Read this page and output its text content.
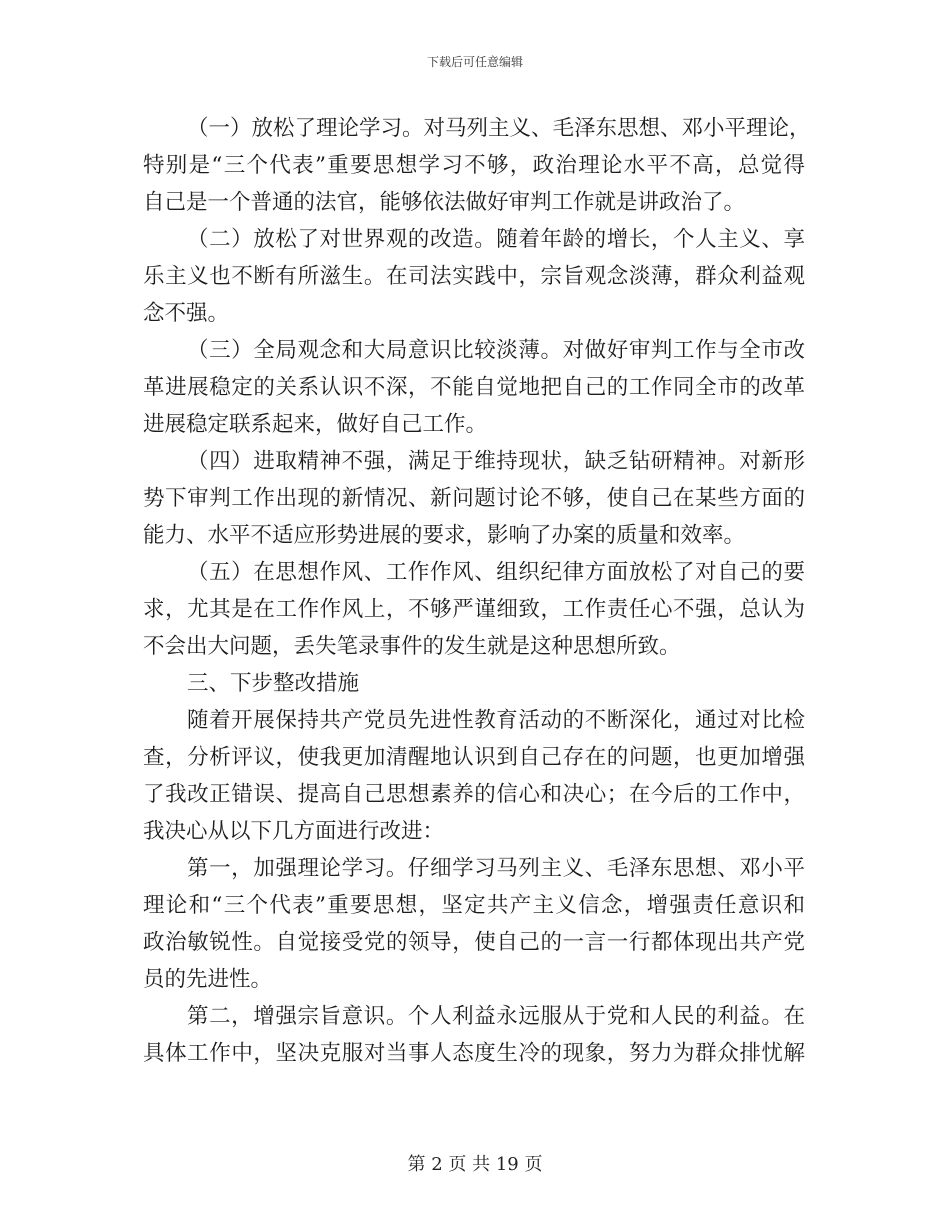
下载后可任意编辑
（一）放松了理论学习。对马列主义、毛泽东思想、邓小平理论，
特别是“三个代表”重要思想学习不够，政治理论水平不高，总觉得
自己是一个普通的法官，能够依法做好审判工作就是讲政治了。
（二）放松了对世界观的改造。随着年龄的增长，个人主义、享
乐主义也不断有所滋生。在司法实践中，宗旨观念淡薄，群众利益观
念不强。
（三）全局观念和大局意识比较淡薄。对做好审判工作与全市改
革进展稳定的关系认识不深，不能自觉地把自己的工作同全市的改革
进展稳定联系起来，做好自己工作。
（四）进取精神不强，满足于维持现状，缺乏钻研精神。对新形
势下审判工作出现的新情况、新问题讨论不够，使自己在某些方面的
能力、水平不适应形势进展的要求，影响了办案的质量和效率。
（五）在思想作风、工作作风、组织纪律方面放松了对自己的要
求，尤其是在工作作风上，不够严谨细致，工作责任心不强，总认为
不会出大问题，丢失笔录事件的发生就是这种思想所致。
三、下步整改措施
随着开展保持共产党员先进性教育活动的不断深化，通过对比检
查，分析评议，使我更加清醒地认识到自己存在的问题，也更加增强
了我改正错误、提高自己思想素养的信心和决心；在今后的工作中，
我决心从以下几方面进行改进：
第一，加强理论学习。仔细学习马列主义、毛泽东思想、邓小平
理论和“三个代表”重要思想，坚定共产主义信念，增强责任意识和
政治敏锐性。自觉接受党的领导，使自己的一言一行都体现出共产党
员的先进性。
第二，增强宗旨意识。个人利益永远服从于党和人民的利益。在
具体工作中，坚决克服对当事人态度生冷的现象，努力为群众排忧解
第 2 页 共 19 页
